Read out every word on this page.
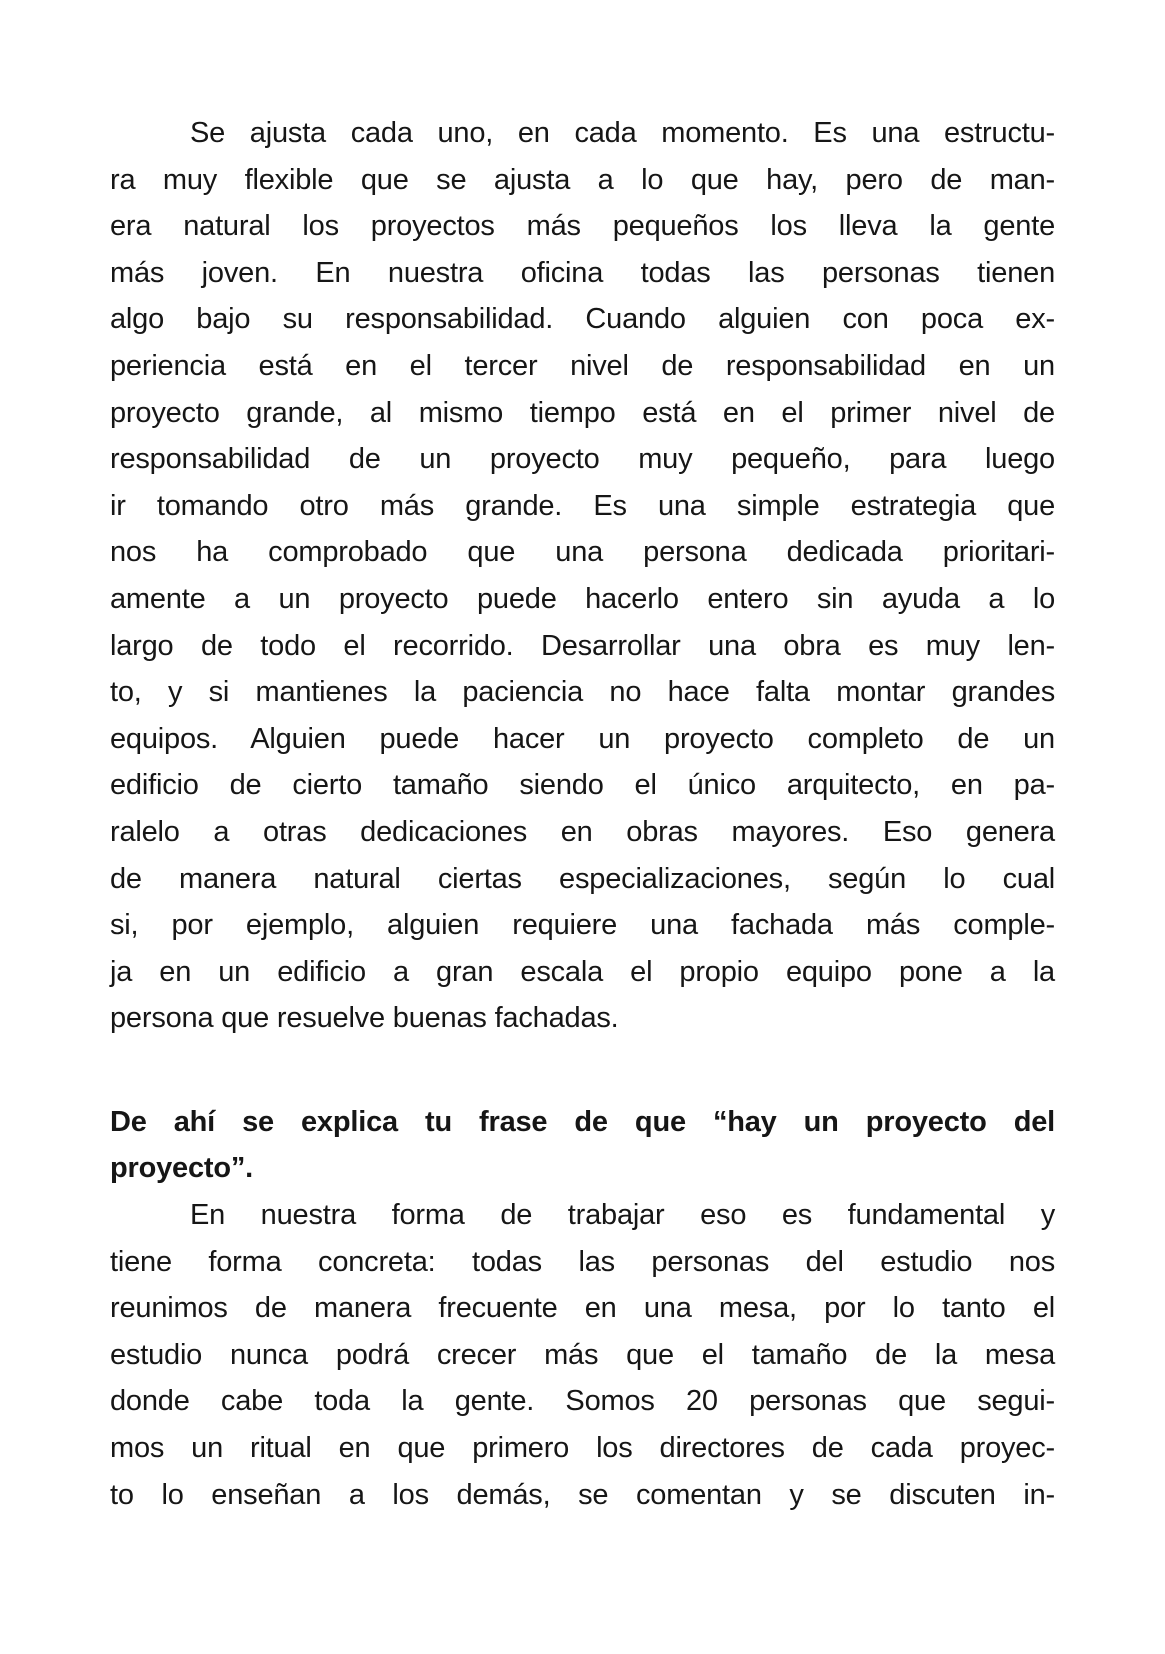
Se ajusta cada uno, en cada momento. Es una estructu-
ra muy flexible que se ajusta a lo que hay, pero de man-
era natural los proyectos más pequeños los lleva la gente
más joven. En nuestra oficina todas las personas tienen
algo bajo su responsabilidad. Cuando alguien con poca ex-
periencia está en el tercer nivel de responsabilidad en un
proyecto grande, al mismo tiempo está en el primer nivel de
responsabilidad de un proyecto muy pequeño, para luego
ir tomando otro más grande. Es una simple estrategia que
nos ha comprobado que una persona dedicada prioritari-
amente a un proyecto puede hacerlo entero sin ayuda a lo
largo de todo el recorrido. Desarrollar una obra es muy len-
to, y si mantienes la paciencia no hace falta montar grandes
equipos. Alguien puede hacer un proyecto completo de un
edificio de cierto tamaño siendo el único arquitecto, en pa-
ralelo a otras dedicaciones en obras mayores. Eso genera
de manera natural ciertas especializaciones, según lo cual
si, por ejemplo, alguien requiere una fachada más comple-
ja en un edificio a gran escala el propio equipo pone a la
persona que resuelve buenas fachadas.
De ahí se explica tu frase de que “hay un proyecto del
proyecto”.
En nuestra forma de trabajar eso es fundamental y
tiene forma concreta: todas las personas del estudio nos
reunimos de manera frecuente en una mesa, por lo tanto el
estudio nunca podrá crecer más que el tamaño de la mesa
donde cabe toda la gente. Somos 20 personas que segui-
mos un ritual en que primero los directores de cada proyec-
to lo enseñan a los demás, se comentan y se discuten in-
